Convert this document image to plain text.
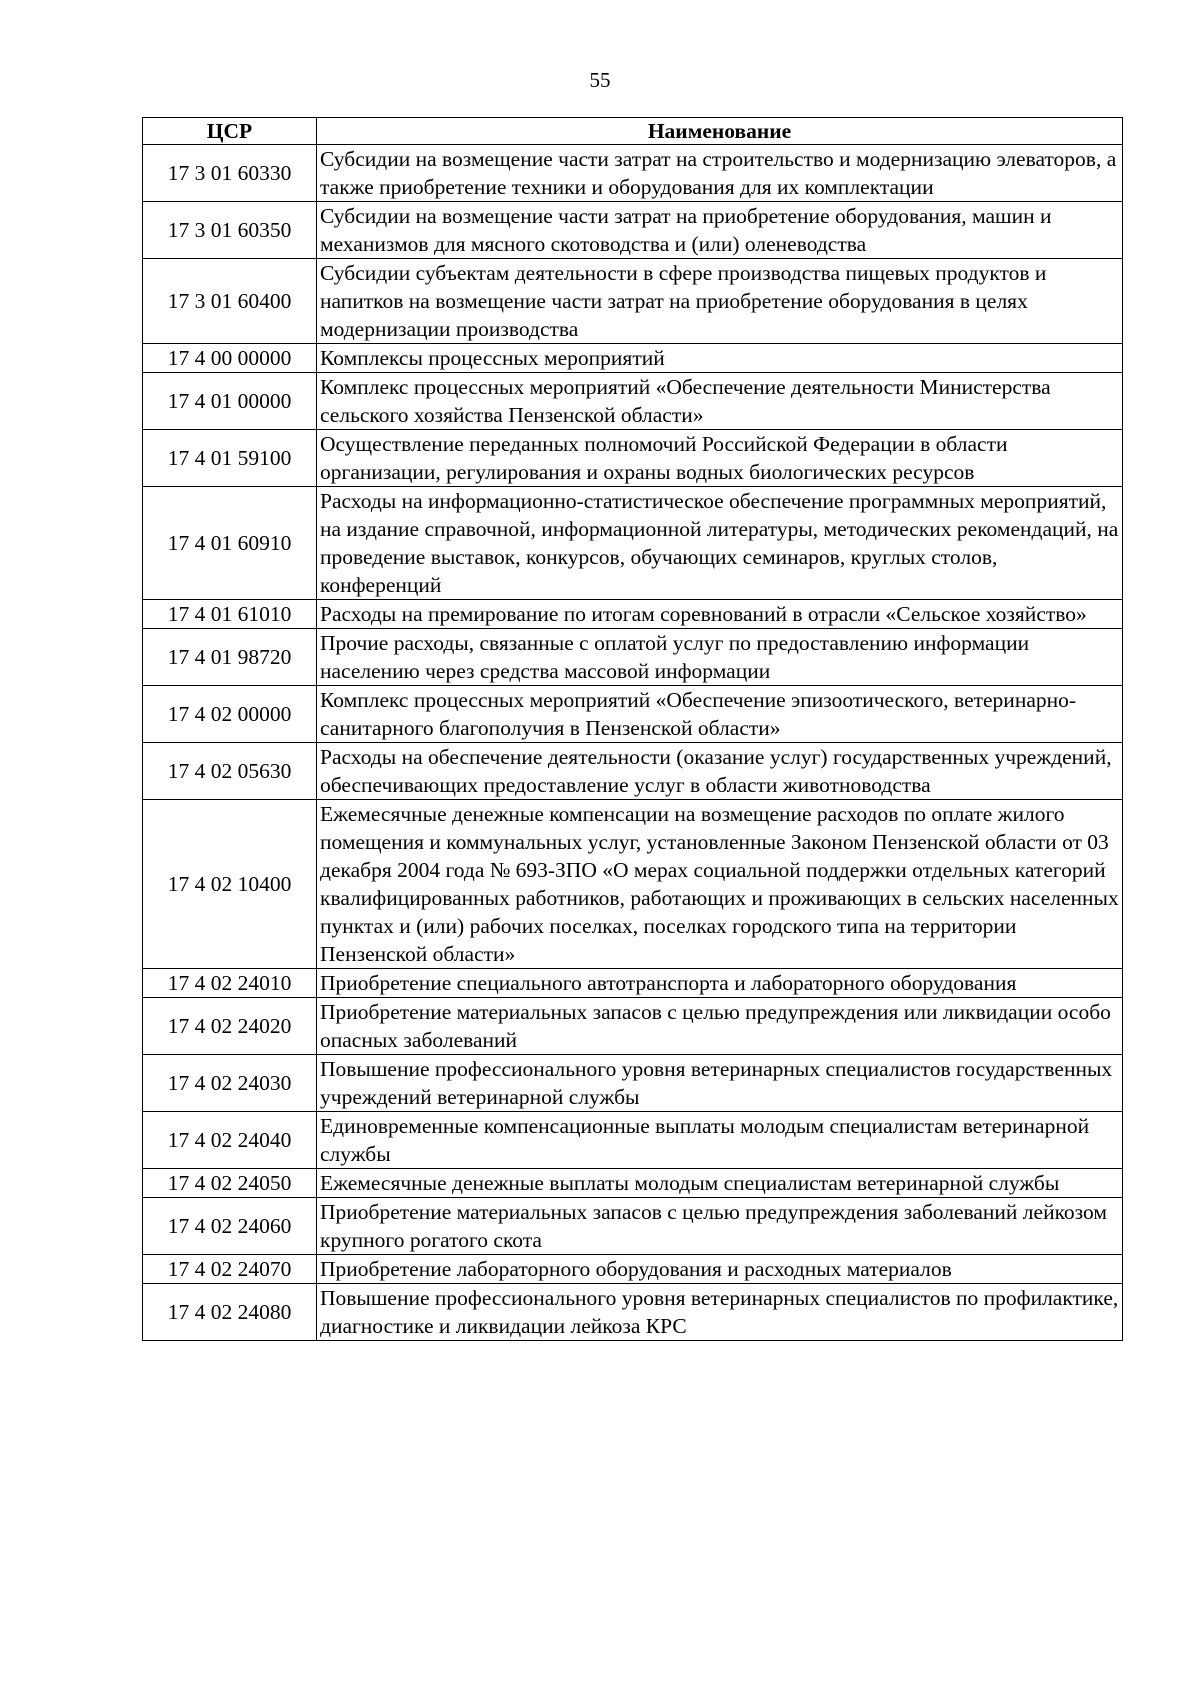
55
ЦСР	Наименование
17 3 01 60330	Субсидии на возмещение части затрат на строительство и модернизацию элеваторов, а также приобретение техники и оборудования для их комплектации
17 3 01 60350	Субсидии на возмещение части затрат на приобретение оборудования, машин и механизмов для мясного скотоводства и (или) оленеводства
17 3 01 60400	Субсидии субъектам деятельности в сфере производства пищевых продуктов и напитков на возмещение части затрат на приобретение оборудования в целях модернизации производства
17 4 00 00000	Комплексы процессных мероприятий
17 4 01 00000	Комплекс процессных мероприятий «Обеспечение деятельности Министерства сельского хозяйства Пензенской области»
17 4 01 59100	Осуществление переданных полномочий Российской Федерации в области организации, регулирования и охраны водных биологических ресурсов
17 4 01 60910	Расходы на информационно-статистическое обеспечение программных мероприятий, на издание справочной, информационной литературы, методических рекомендаций, на проведение выставок, конкурсов, обучающих семинаров, круглых столов, конференций
17 4 01 61010	Расходы на премирование по итогам соревнований в отрасли «Сельское хозяйство»
17 4 01 98720	Прочие расходы, связанные с оплатой услуг по предоставлению информации населению через средства массовой информации
17 4 02 00000	Комплекс процессных мероприятий «Обеспечение эпизоотического, ветеринарно-санитарного благополучия в Пензенской области»
17 4 02 05630	Расходы на обеспечение деятельности (оказание услуг) государственных учреждений, обеспечивающих предоставление услуг в области животноводства
17 4 02 10400	Ежемесячные денежные компенсации на возмещение расходов по оплате жилого помещения и коммунальных услуг, установленные Законом Пензенской области от 03 декабря 2004 года № 693-ЗПО «О мерах социальной поддержки отдельных категорий квалифицированных работников, работающих и проживающих в сельских населенных пунктах и (или) рабочих поселках, поселках городского типа на территории Пензенской области»
17 4 02 24010	Приобретение специального автотранспорта и лабораторного оборудования
17 4 02 24020	Приобретение материальных запасов с целью предупреждения или ликвидации особо опасных заболеваний
17 4 02 24030	Повышение профессионального уровня ветеринарных специалистов государственных учреждений ветеринарной службы
17 4 02 24040	Единовременные компенсационные выплаты молодым специалистам ветеринарной службы
17 4 02 24050	Ежемесячные денежные выплаты молодым специалистам ветеринарной службы
17 4 02 24060	Приобретение материальных запасов с целью предупреждения заболеваний лейкозом крупного рогатого скота
17 4 02 24070	Приобретение лабораторного оборудования и расходных материалов
17 4 02 24080	Повышение профессионального уровня ветеринарных специалистов по профилактике, диагностике и ликвидации лейкоза КРС
